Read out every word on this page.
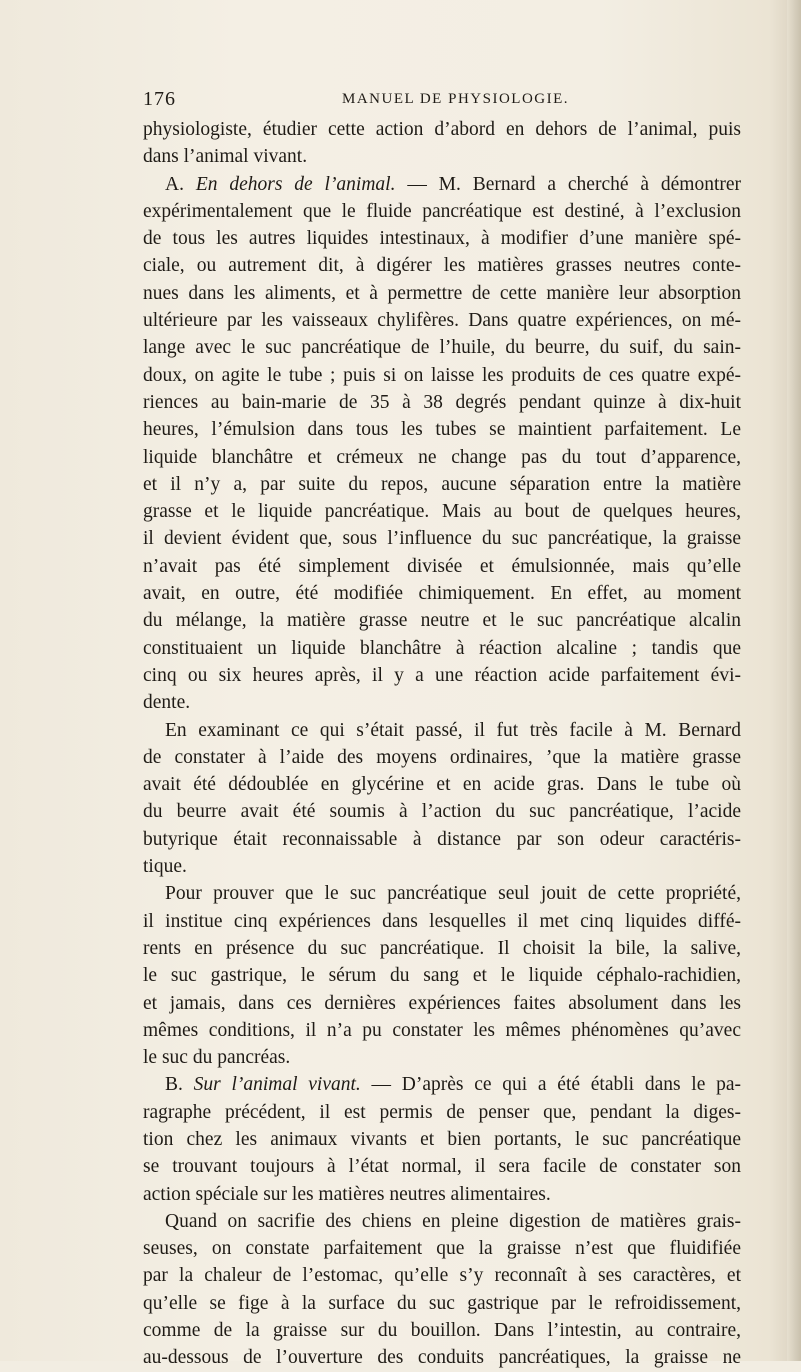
176	MANUEL DE PHYSIOLOGIE.
physiologiste, étudier cette action d’abord en dehors de l’animal, puis
dans l’animal vivant.
A. En dehors de l’animal. — M. Bernard a cherché à démontrer
expérimentalement que le fluide pancréatique est destiné, à l’exclusion
de tous les autres liquides intestinaux, à modifier d’une manière spé-
ciale, ou autrement dit, à digérer les matières grasses neutres conte-
nues dans les aliments, et à permettre de cette manière leur absorption
ultérieure par les vaisseaux chylifères. Dans quatre expériences, on mé-
lange avec le suc pancréatique de l’huile, du beurre, du suif, du sain-
doux, on agite le tube ; puis si on laisse les produits de ces quatre expé-
riences au bain-marie de 35 à 38 degrés pendant quinze à dix-huit
heures, l’émulsion dans tous les tubes se maintient parfaitement. Le
liquide blanchâtre et crémeux ne change pas du tout d’apparence,
et il n’y a, par suite du repos, aucune séparation entre la matière
grasse et le liquide pancréatique. Mais au bout de quelques heures,
il devient évident que, sous l’influence du suc pancréatique, la graisse
n’avait pas été simplement divisée et émulsionnée, mais qu’elle
avait, en outre, été modifiée chimiquement. En effet, au moment
du mélange, la matière grasse neutre et le suc pancréatique alcalin
constituaient un liquide blanchâtre à réaction alcaline ; tandis que
cinq ou six heures après, il y a une réaction acide parfaitement évi-
dente.
En examinant ce qui s’était passé, il fut très facile à M. Bernard
de constater à l’aide des moyens ordinaires, ’que la matière grasse
avait été dédoublée en glycérine et en acide gras. Dans le tube où
du beurre avait été soumis à l’action du suc pancréatique, l’acide
butyrique était reconnaissable à distance par son odeur caractéris-
tique.
Pour prouver que le suc pancréatique seul jouit de cette propriété,
il institue cinq expériences dans lesquelles il met cinq liquides diffé-
rents en présence du suc pancréatique. Il choisit la bile, la salive,
le suc gastrique, le sérum du sang et le liquide céphalo-rachidien,
et jamais, dans ces dernières expériences faites absolument dans les
mêmes conditions, il n’a pu constater les mêmes phénomènes qu’avec
le suc du pancréas.
B. Sur l’animal vivant. — D’après ce qui a été établi dans le pa-
ragraphe précédent, il est permis de penser que, pendant la diges-
tion chez les animaux vivants et bien portants, le suc pancréatique
se trouvant toujours à l’état normal, il sera facile de constater son
action spéciale sur les matières neutres alimentaires.
Quand on sacrifie des chiens en pleine digestion de matières grais-
seuses, on constate parfaitement que la graisse n’est que fluidifiée
par la chaleur de l’estomac, qu’elle s’y reconnaît à ses caractères, et
qu’elle se fige à la surface du suc gastrique par le refroidissement,
comme de la graisse sur du bouillon. Dans l’intestin, au contraire,
au-dessous de l’ouverture des conduits pancréatiques, la graisse ne
